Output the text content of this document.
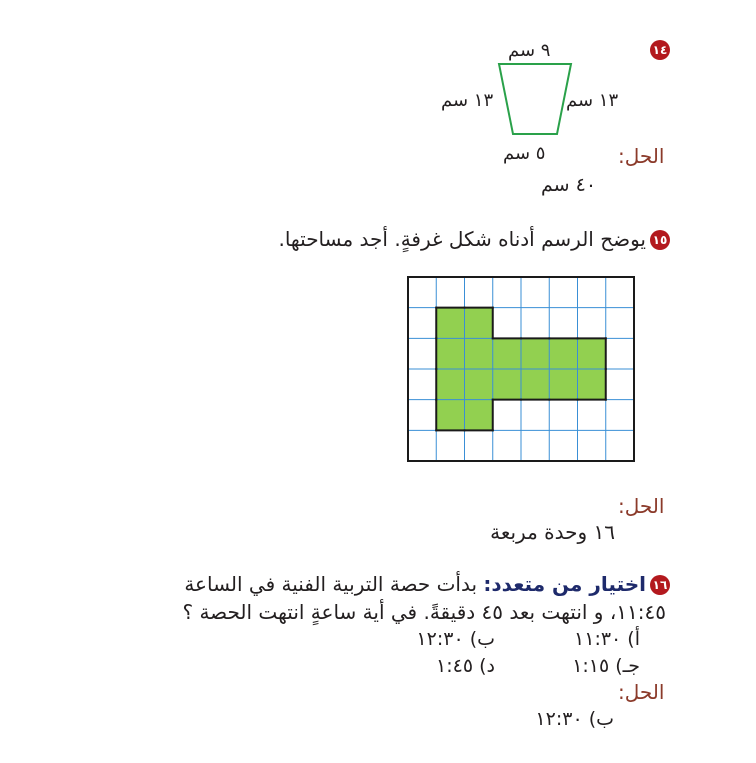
١٤
٩ سم
١٣ سم	١٣ سم
٥ سم	الحل:
٤٠ سم
١٥
يوضح الرسم أدناه شكل غرفةٍ. أجد مساحتها.
الحل:
١٦ وحدة مربعة
١٦
اختيار من متعدد: بدأت حصة التربية الفنية في الساعة
١١:٤٥، و انتهت بعد ٤٥ دقيقةً. في أية ساعةٍ انتهت الحصة ؟
أ) ١١:٣٠
ب) ١٢:٣٠
جـ) ١:١٥
د) ١:٤٥
الحل:
ب) ١٢:٣٠
